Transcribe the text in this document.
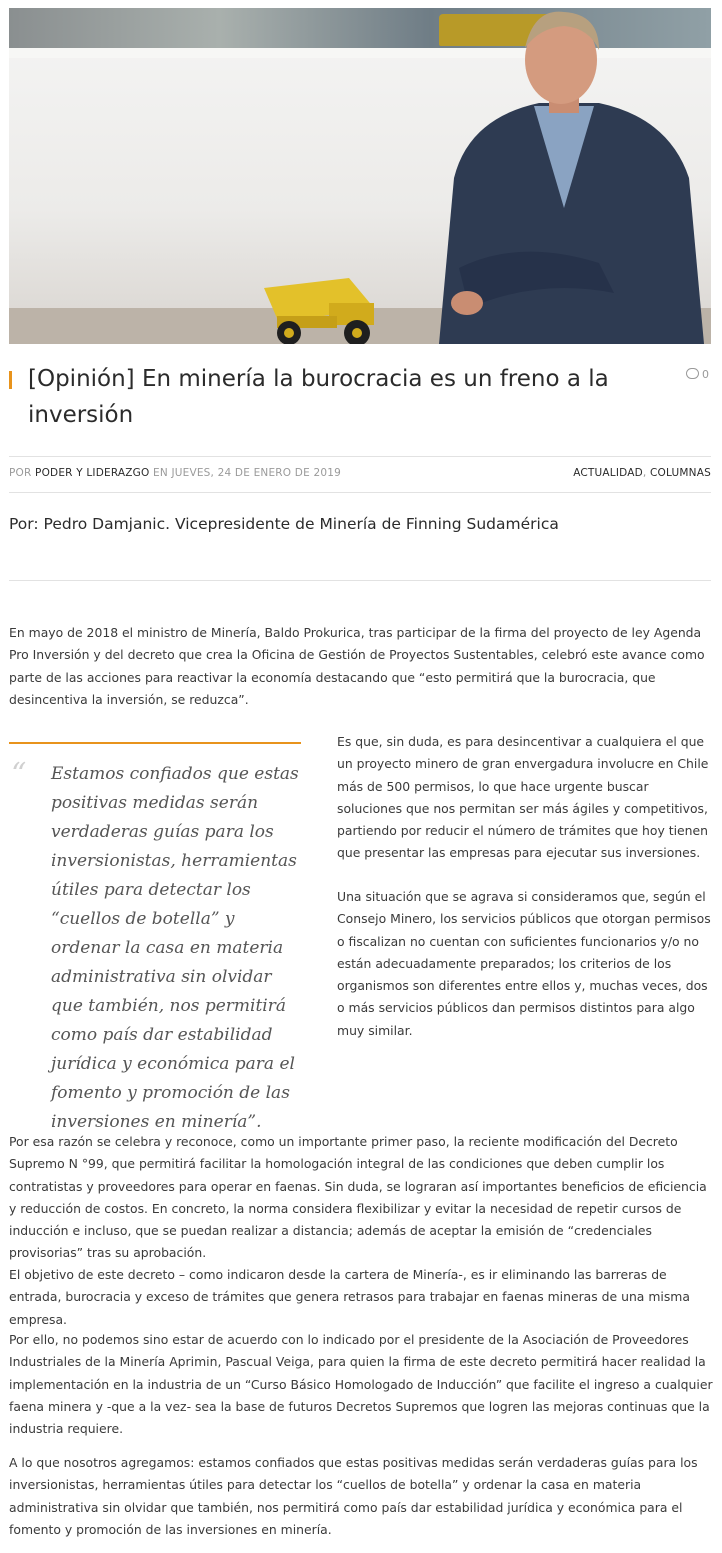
[Opinión] En minería la burocracia es un freno a la inversión
0
POR PODER Y LIDERAZGO EN JUEVES, 24 DE ENERO DE 2019	ACTUALIDAD, COLUMNAS

Por: Pedro Damjanic. Vicepresidente de Minería de Finning Sudamérica

En mayo de 2018 el ministro de Minería, Baldo Prokurica, tras participar de la firma del proyecto de ley Agenda Pro Inversión y del decreto que crea la Oficina de Gestión de Proyectos Sustentables, celebró este avance como parte de las acciones para reactivar la economía destacando que “esto permitirá que la burocracia, que desincentiva la inversión, se reduzca”.

“ Estamos confiados que estas positivas medidas serán verdaderas guías para los inversionistas, herramientas útiles para detectar los “cuellos de botella” y ordenar la casa en materia administrativa sin olvidar que también, nos permitirá como país dar estabilidad jurídica y económica para el fomento y promoción de las inversiones en minería”.

Es que, sin duda, es para desincentivar a cualquiera el que un proyecto minero de gran envergadura involucre en Chile más de 500 permisos, lo que hace urgente buscar soluciones que nos permitan ser más ágiles y competitivos, partiendo por reducir el número de trámites que hoy tienen que presentar las empresas para ejecutar sus inversiones.

Una situación que se agrava si consideramos que, según el Consejo Minero, los servicios públicos que otorgan permisos o fiscalizan no cuentan con suficientes funcionarios y/o no están adecuadamente preparados; los criterios de los organismos son diferentes entre ellos y, muchas veces, dos o más servicios públicos dan permisos distintos para algo muy similar.

Por esa razón se celebra y reconoce, como un importante primer paso, la reciente modificación del Decreto Supremo N °99, que permitirá facilitar la homologación integral de las condiciones que deben cumplir los contratistas y proveedores para operar en faenas. Sin duda, se lograran así importantes beneficios de eficiencia y reducción de costos. En concreto, la norma considera flexibilizar y evitar la necesidad de repetir cursos de inducción e incluso, que se puedan realizar a distancia; además de aceptar la emisión de “credenciales provisorias” tras su aprobación.

El objetivo de este decreto – como indicaron desde la cartera de Minería-, es ir eliminando las barreras de entrada, burocracia y exceso de trámites que genera retrasos para trabajar en faenas mineras de una misma empresa.

Por ello, no podemos sino estar de acuerdo con lo indicado por el presidente de la Asociación de Proveedores Industriales de la Minería Aprimin, Pascual Veiga, para quien la firma de este decreto permitirá hacer realidad la implementación en la industria de un “Curso Básico Homologado de Inducción” que facilite el ingreso a cualquier faena minera y -que a la vez- sea la base de futuros Decretos Supremos que logren las mejoras continuas que la industria requiere.

A lo que nosotros agregamos: estamos confiados que estas positivas medidas serán verdaderas guías para los inversionistas, herramientas útiles para detectar los “cuellos de botella” y ordenar la casa en materia administrativa sin olvidar que también, nos permitirá como país dar estabilidad jurídica y económica para el fomento y promoción de las inversiones en minería.
